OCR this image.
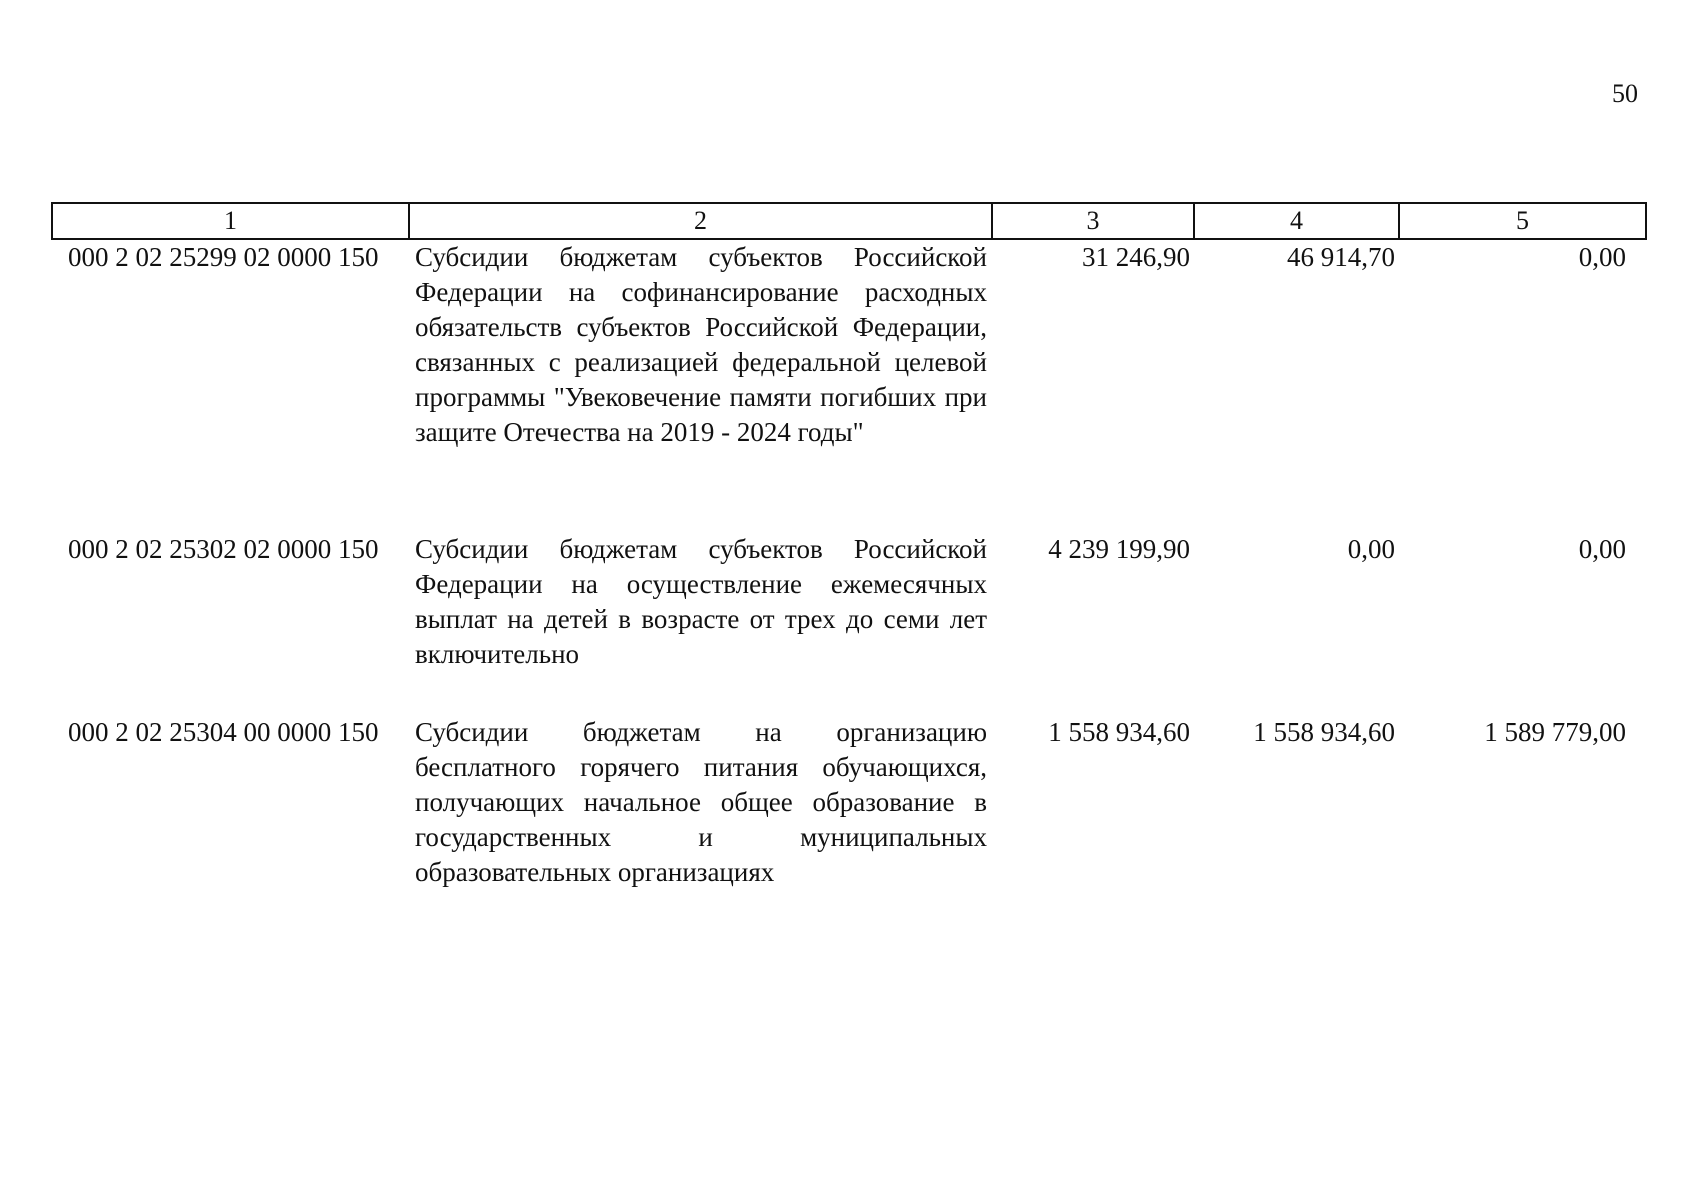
50
1	2	3	4	5
000 2 02 25299 02 0000 150	Субсидии бюджетам субъектов Российской Федерации на софинансирование расходных обязательств субъектов Российской Федерации, связанных с реализацией федеральной целевой программы "Увековечение памяти погибших при защите Отечества на 2019 - 2024 годы"	31 246,90	46 914,70	0,00
000 2 02 25302 02 0000 150	Субсидии бюджетам субъектов Российской Федерации на осуществление ежемесячных выплат на детей в возрасте от трех до семи лет включительно	4 239 199,90	0,00	0,00
000 2 02 25304 00 0000 150	Субсидии бюджетам на организацию бесплатного горячего питания обучающихся, получающих начальное общее образование в государственных и муниципальных образовательных организациях	1 558 934,60	1 558 934,60	1 589 779,00
